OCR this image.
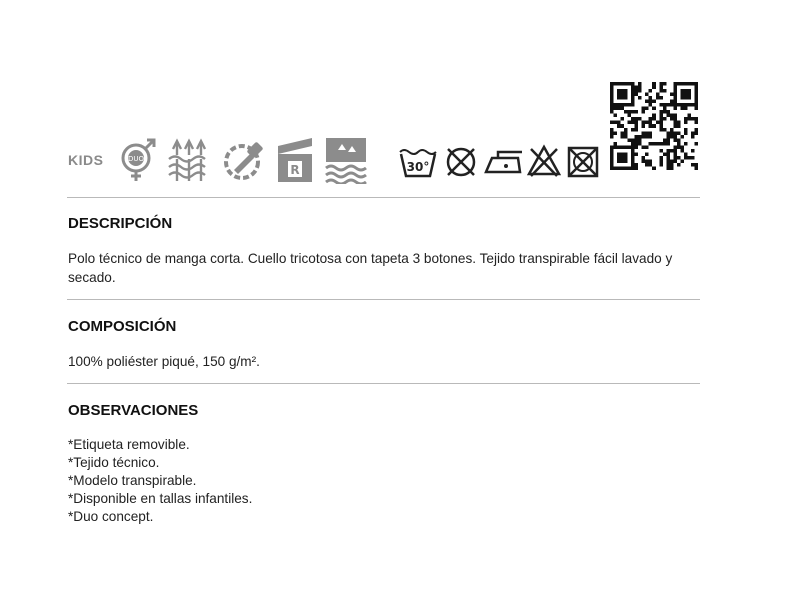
KIDS	DUO
R	30°
DESCRIPCIÓN
Polo técnico de manga corta. Cuello tricotosa con tapeta 3 botones. Tejido transpirable fácil lavado y secado.
COMPOSICIÓN
100% poliéster piqué, 150 g/m².
OBSERVACIONES
*Etiqueta removible.
*Tejido técnico.
*Modelo transpirable.
*Disponible en tallas infantiles.
*Duo concept.
